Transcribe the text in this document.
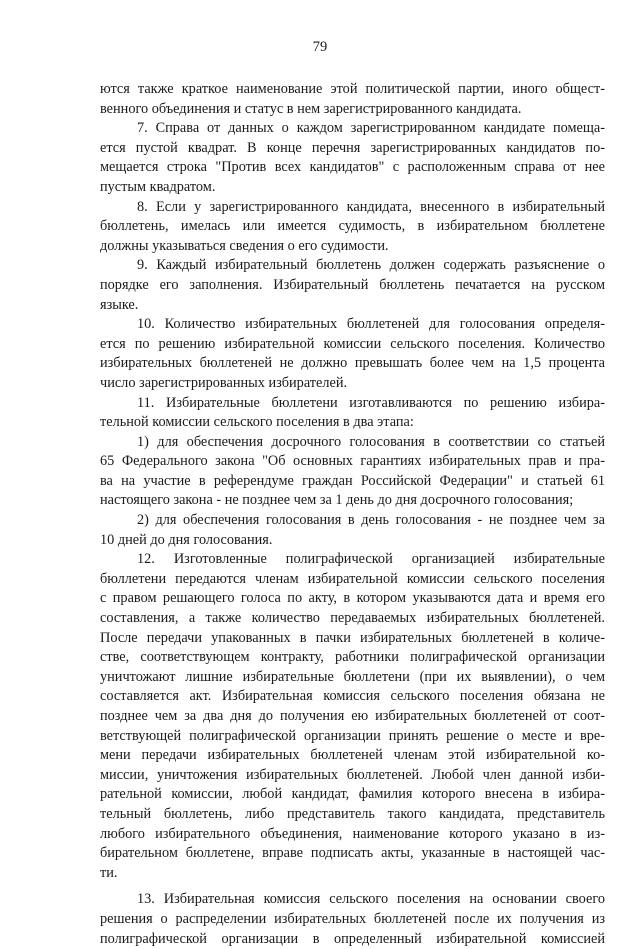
79
ются также краткое наименование этой политической партии, иного общест-
венного объединения и статус в нем зарегистрированного кандидата.
7. Справа от данных о каждом зарегистрированном кандидате помеща-
ется пустой квадрат. В конце перечня зарегистрированных кандидатов по-
мещается строка "Против всех кандидатов" с расположенным справа от нее
пустым квадратом.
8. Если у зарегистрированного кандидата, внесенного в избирательный
бюллетень, имелась или имеется судимость, в избирательном бюллетене
должны указываться сведения о его судимости.
9. Каждый избирательный бюллетень должен содержать разъяснение о
порядке его заполнения. Избирательный бюллетень печатается на русском
языке.
10. Количество избирательных бюллетеней для голосования определя-
ется по решению избирательной комиссии сельского поселения. Количество
избирательных бюллетеней не должно превышать более чем на 1,5 процента
число зарегистрированных избирателей.
11. Избирательные бюллетени изготавливаются по решению избира-
тельной комиссии сельского поселения в два этапа:
1) для обеспечения досрочного голосования в соответствии со статьей
65 Федерального закона "Об основных гарантиях избирательных прав и пра-
ва на участие в референдуме граждан Российской Федерации" и статьей 61
настоящего закона - не позднее чем за 1 день до дня досрочного голосования;
2) для обеспечения голосования в день голосования - не позднее чем за
10 дней до дня голосования.
12. Изготовленные полиграфической организацией избирательные
бюллетени передаются членам избирательной комиссии сельского поселения
с правом решающего голоса по акту, в котором указываются дата и время его
составления, а также количество передаваемых избирательных бюллетеней.
После передачи упакованных в пачки избирательных бюллетеней в количе-
стве, соответствующем контракту, работники полиграфической организации
уничтожают лишние избирательные бюллетени (при их выявлении), о чем
составляется акт. Избирательная комиссия сельского поселения обязана не
позднее чем за два дня до получения ею избирательных бюллетеней от соот-
ветствующей полиграфической организации принять решение о месте и вре-
мени передачи избирательных бюллетеней членам этой избирательной ко-
миссии, уничтожения избирательных бюллетеней. Любой член данной изби-
рательной комиссии, любой кандидат, фамилия которого внесена в избира-
тельный бюллетень, либо представитель такого кандидата, представитель
любого избирательного объединения, наименование которого указано в из-
бирательном бюллетене, вправе подписать акты, указанные в настоящей час-
ти.
13. Избирательная комиссия сельского поселения на основании своего
решения о распределении избирательных бюллетеней после их получения из
полиграфической организации в определенный избирательной комиссией
